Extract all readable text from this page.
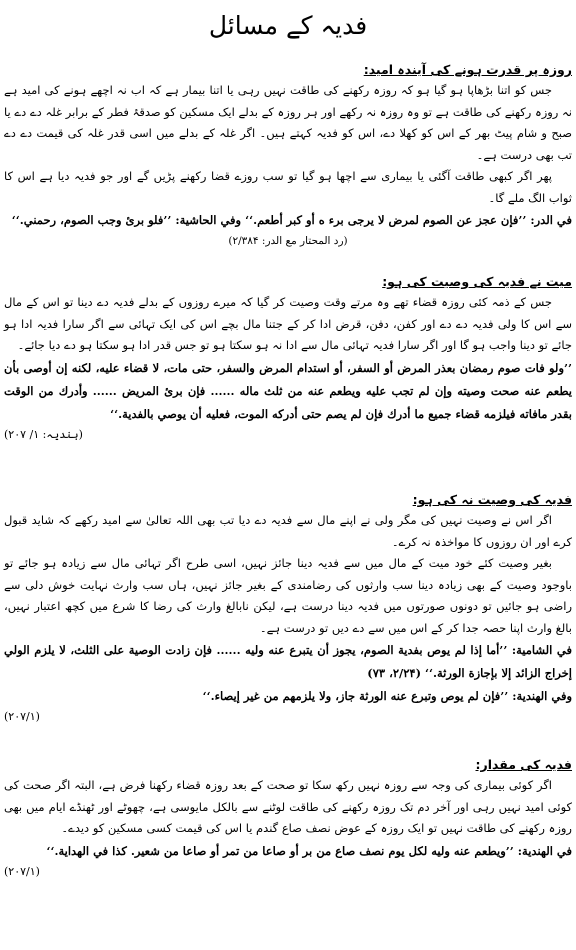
فدیہ کے مسائل
روزہ پر قدرت ہونے کی آیندہ امید:
جس کو اتنا بڑھاپا ہو گیا ہو کہ روزہ رکھنے کی طاقت نہیں رہی یا اتنا بیمار ہے کہ اب نہ اچھے ہونے کی امید ہے نہ روزہ رکھنے کی طاقت ہے تو وہ روزہ نہ رکھے اور ہر روزہ کے بدلے ایک مسکین کو صدقۂ فطر کے برابر غلہ دے دے یا صبح و شام پیٹ بھر کے اس کو کھلا دے، اس کو فدیہ کہتے ہیں۔ اگر غلہ کے بدلے میں اسی قدر غلہ کی قیمت دے دے تب بھی درست ہے۔
پھر اگر کبھی طاقت آگئی یا بیماری سے اچھا ہو گیا تو سب روزے قضا رکھنے پڑیں گے اور جو فدیہ دیا ہے اس کا ثواب الگ ملے گا۔
في الدر: ’’فإن عجز عن الصوم لمرض لا يرجى برء ه أو كبر أطعم.‘‘ وفي الحاشية: ’’فلو برئ وجب الصوم، رحمني.‘‘
(رد المحتار مع الدر: ۲/۳۸۴)
میت نے فدیہ کی وصیت کی ہو:
جس کے ذمہ کئی روزہ قضاء تھے وہ مرتے وقت وصیت کر گیا کہ میرے روزوں کے بدلے فدیہ دے دینا تو اس کے مال سے اس کا ولی فدیہ دے دے اور کفن، دفن، قرض ادا کر کے جتنا مال بچے اس کی ایک تہائی سے اگر سارا فدیہ ادا ہو جائے تو دینا واجب ہو گا اور اگر سارا فدیہ تہائی مال سے ادا نہ ہو سکتا ہو تو جس قدر ادا ہو سکتا ہو دے دیا جائے۔
’’ولو فات صوم رمضان بعذر المرض أو السفر، أو استدام المرض والسفر، حتى مات، لا قضاء عليه، لكنه إن أوصى بأن يطعم عنه صحت وصيته وإن لم تجب عليه ويطعم عنه من ثلث ماله ...... فإن برئ المريض ...... وأدرك من الوقت بقدر مافاته فيلزمه قضاء جميع ما أدرك فإن لم يصم حتى أدركه الموت، فعليه أن يوصي بالفدية.‘‘
(ہندیہ: ۱/ ۲۰۷)
فدیہ کی وصیت نہ کی ہو:
اگر اس نے وصیت نہیں کی مگر ولی نے اپنے مال سے فدیہ دے دیا تب بھی اللہ تعالیٰ سے امید رکھے کہ شاید قبول کرے اور ان روزوں کا مواخذہ نہ کرے۔
بغیر وصیت کئے خود میت کے مال میں سے فدیہ دینا جائز نہیں، اسی طرح اگر تہائی مال سے زیادہ ہو جائے تو باوجود وصیت کے بھی زیادہ دینا سب وارثوں کی رضامندی کے بغیر جائز نہیں، ہاں سب وارث نہایت خوش دلی سے راضی ہو جائیں تو دونوں صورتوں میں فدیہ دینا درست ہے، لیکن نابالغ وارث کی رضا کا شرع میں کچھ اعتبار نہیں، بالغ وارث اپنا حصہ جدا کر کے اس میں سے دے دیں تو درست ہے۔
في الشامية: ’’أما إذا لم يوص بفدية الصوم، يجوز أن يتبرع عنه وليه ...... فإن زادت الوصية على الثلث، لا يلزم الولي إخراج الزائد إلا بإجازة الورثة.‘‘ (۲/۲۴، ۷۳)
وفي الهندية: ’’فإن لم يوص وتبرع عنه الورثة جاز، ولا يلزمهم من غير إيصاء.‘‘
(۲۰۷/۱)
فدیہ کی مقدار:
اگر کوئی بیماری کی وجہ سے روزہ نہیں رکھ سکا تو صحت کے بعد روزہ قضاء رکھنا فرض ہے، البتہ اگر صحت کی کوئی امید نہیں رہی اور آخر دم تک روزہ رکھنے کی طاقت لوٹنے سے بالکل مایوسی ہے، چھوٹے اور ٹھنڈے ایام میں بھی روزہ رکھنے کی طاقت نہیں تو ایک روزہ کے عوض نصف صاع گندم یا اس کی قیمت کسی مسکین کو دیدے۔
في الهندية: ’’ويطعم عنه وليه لكل يوم نصف صاع من بر أو صاعا من تمر أو صاعا من شعير. كذا في الهداية.‘‘
(۲۰۷/۱)
